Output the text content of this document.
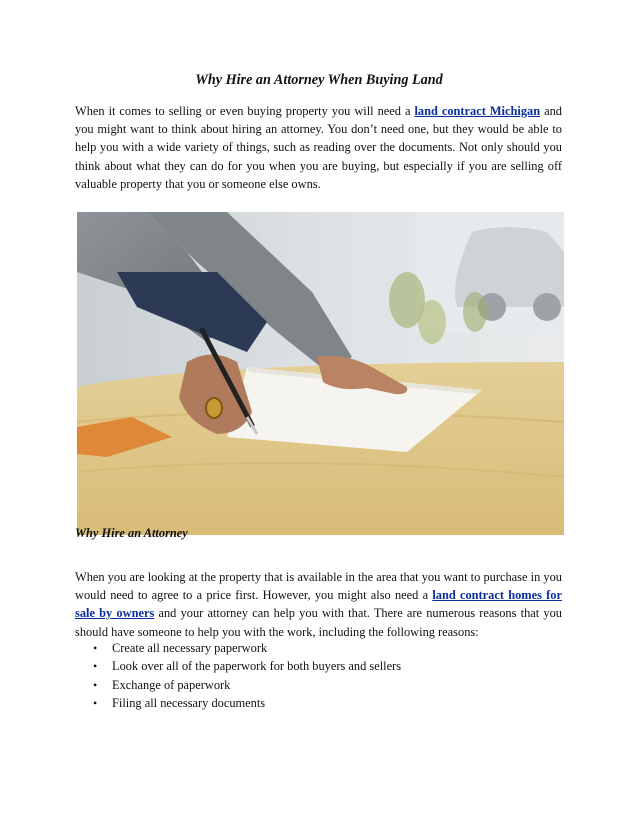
Why Hire an Attorney When Buying Land

When it comes to selling or even buying property you will need a land contract Michigan and you might want to think about hiring an attorney. You don’t need one, but they would be able to help you with a wide variety of things, such as reading over the documents. Not only should you think about what they can do for you when you are buying, but especially if you are selling off valuable property that you or someone else owns.

Why Hire an Attorney

When you are looking at the property that is available in the area that you want to purchase in you would need to agree to a price first. However, you might also need a land contract homes for sale by owners and your attorney can help you with that. There are numerous reasons that you should have someone to help you with the work, including the following reasons:

• Create all necessary paperwork
• Look over all of the paperwork for both buyers and sellers
• Exchange of paperwork
• Filing all necessary documents
